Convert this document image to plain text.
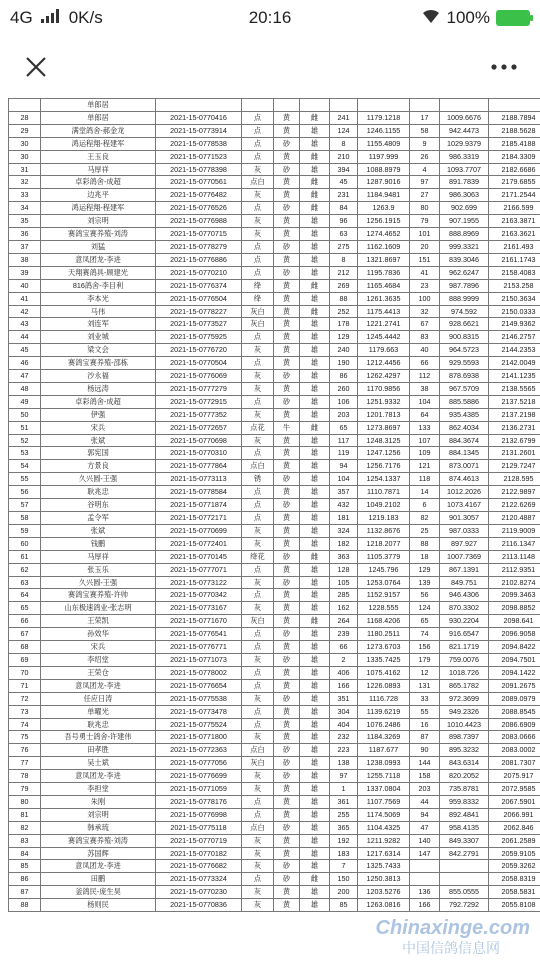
4G 0K/s	20:16	100%
	单郎居									
28	单郎居	2021-15-0770416	点	黄	雌	241	1179.1218	17	1009.6676	2188.7894
29	满堂鸽舍-郝金龙	2021-15-0773914	点	黄	雄	124	1246.1155	58	942.4473	2188.5628
30	鸿运程翔-程建军	2021-15-0778538	点	砂	雄	8	1155.4809	9	1029.9379	2185.4188
30	王玉良	2021-15-0771523	点	黄	雌	210	1197.999	26	986.3319	2184.3309
31	马厚祥	2021-15-0778398	灰	砂	雄	394	1088.8979	4	1093.7707	2182.6686
32	卓彩鸽舍-成超	2021-15-0770561	点白	黄	雌	45	1287.9016	97	891.7839	2179.6855
33	边兆平	2021-15-0776482	灰	黄	雌	231	1184.9481	27	986.3063	2171.2544
34	鸿运程翔-程建军	2021-15-0776526	点	砂	雌	84	1263.9	80	902.699	2166.599
35	刘宗明	2021-15-0776988	灰	黄	雄	96	1256.1915	79	907.1955	2163.3871
36	赛鸽宝赛养殖-刘涛	2021-15-0770715	灰	黄	雄	63	1274.4652	101	888.8969	2163.3621
37	刘猛	2021-15-0778279	点	砂	雄	275	1162.1609	20	999.3321	2161.493
38	意凤团龙-李进	2021-15-0776886	点	黄	雄	8	1321.8697	151	839.3046	2161.1743
39	天翔赛鸽具-顾建光	2021-15-0770210	点	砂	雄	212	1195.7836	41	962.6247	2158.4083
40	816鸽舍-李目利	2021-15-0776374	绛	黄	雌	269	1165.4684	23	987.7896	2153.258
41	李本光	2021-15-0776504	绛	黄	雄	88	1261.3635	100	888.9999	2150.3634
42	马伟	2021-15-0778227	灰白	黄	雌	252	1175.4413	32	974.592	2150.0333
43	刘连军	2021-15-0773527	灰白	黄	雄	178	1221.2741	67	928.6621	2149.9362
44	刘业城	2021-15-0775925	点	黄	雄	129	1245.4442	83	900.8315	2146.2757
45	梁文会	2021-15-0776720	灰	黄	雄	240	1179.663	40	964.5723	2144.2353
46	赛鸽宝赛养殖-邵栋	2021-15-0770504	点	黄	雄	190	1212.4456	66	929.5593	2142.0049
47	沙永福	2021-15-0776069	灰	砂	雄	86	1262.4297	112	878.6938	2141.1235
48	杨远涛	2021-15-0777279	灰	黄	雄	260	1170.9856	38	967.5709	2138.5565
49	卓彩鸽舍-成超	2021-15-0772915	点	砂	雄	106	1251.9332	104	885.5886	2137.5218
50	伊强	2021-15-0777352	灰	黄	雄	203	1201.7813	64	935.4385	2137.2198
51	宋兵	2021-15-0772657	点花	牛	雌	65	1273.8697	133	862.4034	2136.2731
52	张斌	2021-15-0770698	灰	黄	雄	117	1248.3125	107	884.3674	2132.6799
53	郭宪国	2021-15-0770310	点	黄	雄	119	1247.1256	109	884.1345	2131.2601
54	方景良	2021-15-0777864	点白	黄	雄	94	1256.7176	121	873.0071	2129.7247
55	久兴圆-王强	2021-15-0773113	锈	砂	雄	104	1254.1337	118	874.4613	2128.595
56	耿兆忠	2021-15-0778584	点	黄	雄	357	1110.7871	14	1012.2026	2122.9897
57	谷明东	2021-15-0771874	点	砂	雄	432	1049.2102	6	1073.4167	2122.6269
58	孟令军	2021-15-0772171	点	黄	雄	181	1219.183	82	901.3057	2120.4887
59	张斌	2021-15-0770699	灰	黄	雄	324	1132.8676	25	987.0333	2119.9009
60	钱鹏	2021-15-0772401	灰	黄	雄	182	1218.2077	88	897.927	2116.1347
61	马厚祥	2021-15-0770145	绛花	砂	雌	363	1105.3779	18	1007.7369	2113.1148
62	张玉乐	2021-15-0777071	点	黄	雄	128	1245.796	129	867.1391	2112.9351
63	久兴圆-王强	2021-15-0773122	灰	砂	雄	105	1253.0764	139	849.751	2102.8274
64	赛鸽宝赛养殖-许帅	2021-15-0770342	点	黄	雄	285	1152.9157	56	946.4306	2099.3463
65	山东极速鸽业-张志明	2021-15-0773167	灰	黄	雄	162	1228.555	124	870.3302	2098.8852
66	王荣凯	2021-15-0771670	灰白	黄	雌	264	1168.4206	65	930.2204	2098.641
67	孙效华	2021-15-0776541	点	砂	雄	239	1180.2511	74	916.6547	2096.9058
68	宋兵	2021-15-0776771	点	黄	雄	66	1273.6703	156	821.1719	2094.8422
69	李绍堂	2021-15-0771073	灰	砂	雄	2	1335.7425	179	759.0076	2094.7501
70	王荣仓	2021-15-0778002	点	黄	雄	406	1075.4162	12	1018.726	2094.1422
71	意凤团龙-李进	2021-15-0776654	点	黄	雄	166	1226.0893	131	865.1782	2091.2675
72	任应日涛	2021-15-0775538	灰	砂	雄	351	1116.728	33	972.3699	2089.0979
73	单曜光	2021-15-0773478	点	黄	雄	304	1139.6219	55	949.2326	2088.8545
74	耿兆忠	2021-15-0775524	点	黄	雄	404	1076.2486	16	1010.4423	2086.6909
75	吾号勇士鸽舍-许建伟	2021-15-0771800	灰	黄	雄	232	1184.3269	87	898.7397	2083.0666
76	田孝胜	2021-15-0772363	点白	砂	雄	223	1187.677	90	895.3232	2083.0002
77	吴士斌	2021-15-0777056	灰白	砂	雄	138	1238.0993	144	843.6314	2081.7307
78	意凤团龙-李进	2021-15-0776699	灰	砂	雄	97	1255.7118	158	820.2052	2075.917
79	李担堂	2021-15-0771059	灰	黄	雄	1	1337.0804	203	735.8781	2072.9585
80	朱刚	2021-15-0778176	点	黄	雄	361	1107.7569	44	959.8332	2067.5901
81	刘宗明	2021-15-0776998	点	黄	雄	255	1174.5069	94	892.4841	2066.991
82	韩承琉	2021-15-0775118	点白	砂	雄	365	1104.4325	47	958.4135	2062.846
83	赛鸽宝赛养殖-刘涛	2021-15-0770719	灰	黄	雄	192	1211.9282	140	849.3307	2061.2589
84	苏国辉	2021-15-0770182	灰	黄	雄	183	1217.6314	147	842.2791	2059.9105
85	意凤团龙-李进	2021-15-0776682	灰	砂	雄	7	1325.7433			2059.3262
86	田鹏	2021-15-0773324	点	砂	雌	150	1250.3813			2058.8319
87	釜鸽民-庞生昊	2021-15-0770230	灰	黄	雄	200	1203.5276	136	855.0555	2058.5831
88	杨则民	2021-15-0770836	灰	黄	雄	85	1263.0816	166	792.7292	2055.8108
Chinaxinge.com
中国信鸽信息网
